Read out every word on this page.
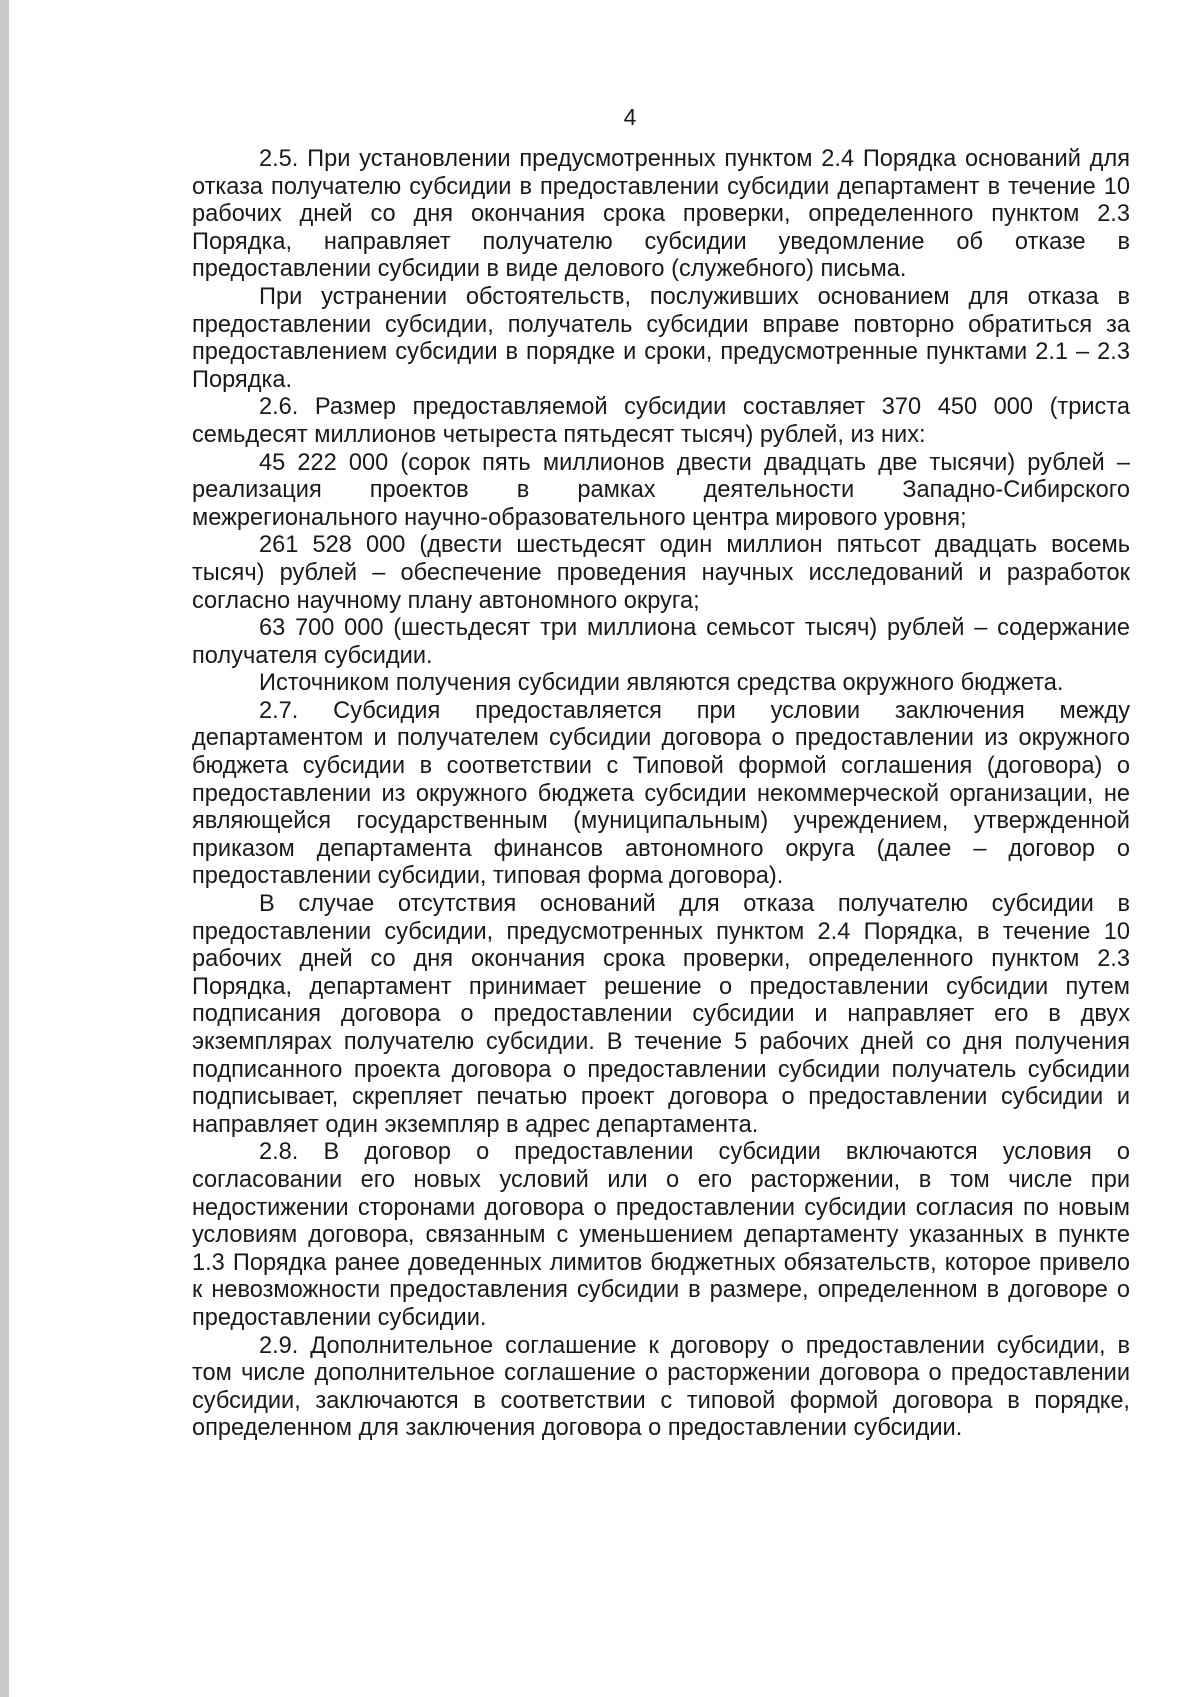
4

2.5. При установлении предусмотренных пунктом 2.4 Порядка оснований для отказа получателю субсидии в предоставлении субсидии департамент в течение 10 рабочих дней со дня окончания срока проверки, определенного пунктом 2.3 Порядка, направляет получателю субсидии уведомление об отказе в предоставлении субсидии в виде делового (служебного) письма.

При устранении обстоятельств, послуживших основанием для отказа в предоставлении субсидии, получатель субсидии вправе повторно обратиться за предоставлением субсидии в порядке и сроки, предусмотренные пунктами 2.1 – 2.3 Порядка.

2.6. Размер предоставляемой субсидии составляет 370 450 000 (триста семьдесят миллионов четыреста пятьдесят тысяч) рублей, из них:

45 222 000 (сорок пять миллионов двести двадцать две тысячи) рублей – реализация проектов в рамках деятельности Западно-Сибирского межрегионального научно-образовательного центра мирового уровня;

261 528 000 (двести шестьдесят один миллион пятьсот двадцать восемь тысяч) рублей – обеспечение проведения научных исследований и разработок согласно научному плану автономного округа;

63 700 000 (шестьдесят три миллиона семьсот тысяч) рублей – содержание получателя субсидии.

Источником получения субсидии являются средства окружного бюджета.

2.7. Субсидия предоставляется при условии заключения между департаментом и получателем субсидии договора о предоставлении из окружного бюджета субсидии в соответствии с Типовой формой соглашения (договора) о предоставлении из окружного бюджета субсидии некоммерческой организации, не являющейся государственным (муниципальным) учреждением, утвержденной приказом департамента финансов автономного округа (далее – договор о предоставлении субсидии, типовая форма договора).

В случае отсутствия оснований для отказа получателю субсидии в предоставлении субсидии, предусмотренных пунктом 2.4 Порядка, в течение 10 рабочих дней со дня окончания срока проверки, определенного пунктом 2.3 Порядка, департамент принимает решение о предоставлении субсидии путем подписания договора о предоставлении субсидии и направляет его в двух экземплярах получателю субсидии. В течение 5 рабочих дней со дня получения подписанного проекта договора о предоставлении субсидии получатель субсидии подписывает, скрепляет печатью проект договора о предоставлении субсидии и направляет один экземпляр в адрес департамента.

2.8. В договор о предоставлении субсидии включаются условия о согласовании его новых условий или о его расторжении, в том числе при недостижении сторонами договора о предоставлении субсидии согласия по новым условиям договора, связанным с уменьшением департаменту указанных в пункте 1.3 Порядка ранее доведенных лимитов бюджетных обязательств, которое привело к невозможности предоставления субсидии в размере, определенном в договоре о предоставлении субсидии.

2.9. Дополнительное соглашение к договору о предоставлении субсидии, в том числе дополнительное соглашение о расторжении договора о предоставлении субсидии, заключаются в соответствии с типовой формой договора в порядке, определенном для заключения договора о предоставлении субсидии.
